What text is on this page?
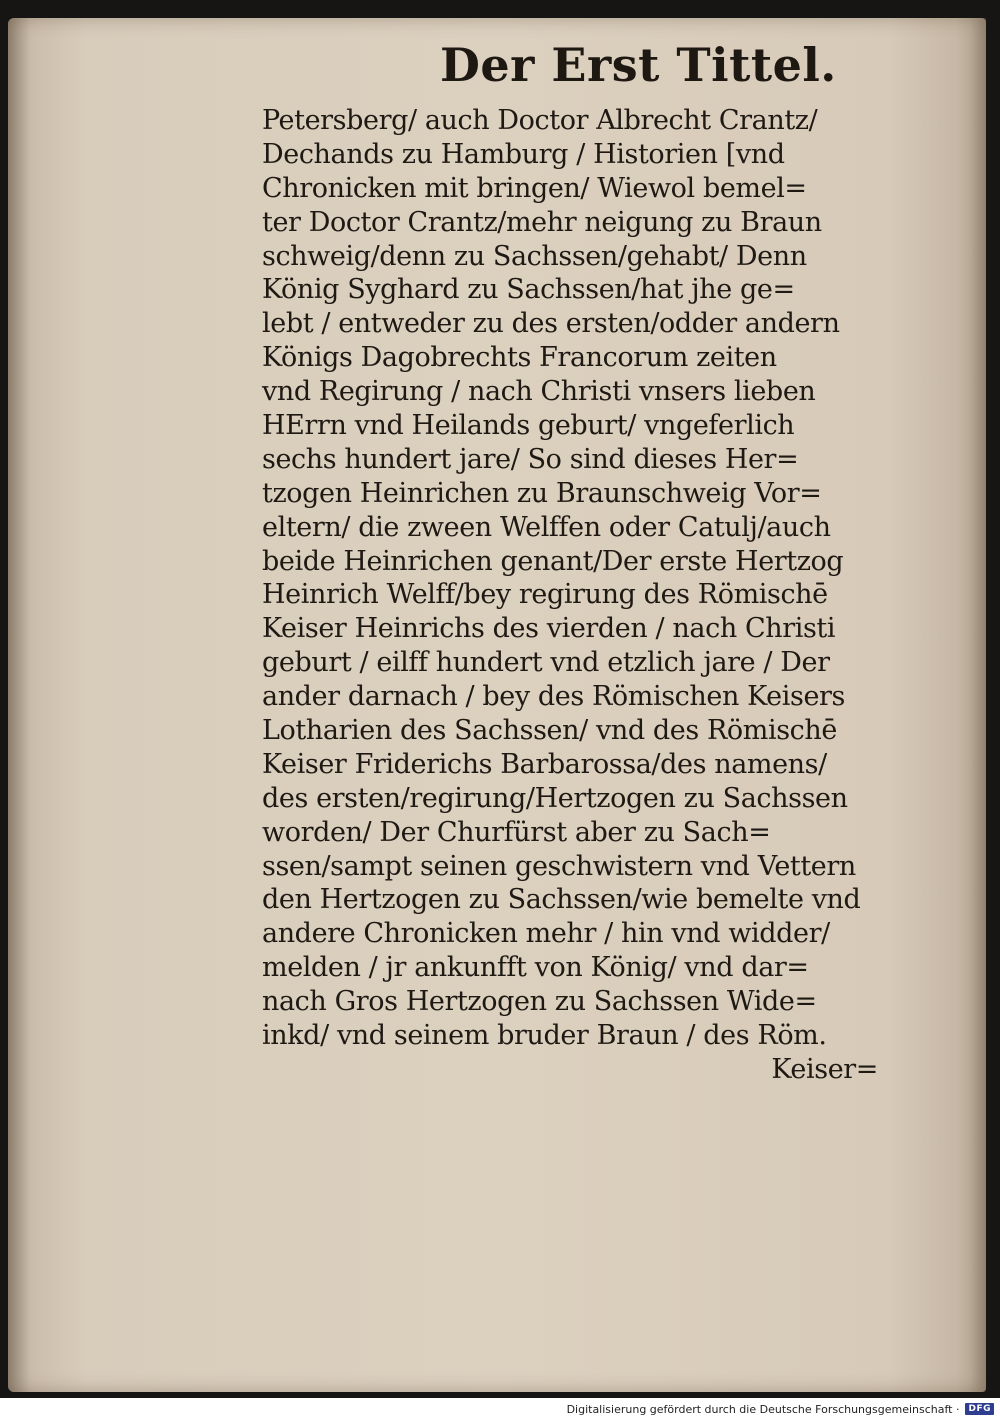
Der Erst Tittel.
Petersberg/ auch Doctor Albrecht Crantz/
Dechands zu Hamburg / Historien [vnd
Chronicken mit bringen/ Wiewol bemel=
ter Doctor Crantz/mehr neigung zu Braun
schweig/denn zu Sachssen/gehabt/ Denn
König Syghard zu Sachssen/hat jhe ge=
lebt / entweder zu des ersten/odder andern
Königs Dagobrechts Francorum zeiten
vnd Regirung / nach Christi vnsers lieben
HErrn vnd Heilands geburt/ vngeferlich
sechs hundert jare/ So sind dieses Her=
tzogen Heinrichen zu Braunschweig Vor=
eltern/ die zween Welffen oder Catulj/auch
beide Heinrichen genant/Der erste Hertzog
Heinrich Welff/bey regirung des Römischē
Keiser Heinrichs des vierden / nach Christi
geburt / eilff hundert vnd etzlich jare / Der
ander darnach / bey des Römischen Keisers
Lotharien des Sachssen/ vnd des Römischē
Keiser Friderichs Barbarossa/des namens/
des ersten/regirung/Hertzogen zu Sachssen
worden/ Der Churfürst aber zu Sach=
ssen/sampt seinen geschwistern vnd Vettern
den Hertzogen zu Sachssen/wie bemelte vnd
andere Chronicken mehr / hin vnd widder/
melden / jr ankunfft von König/ vnd dar=
nach Gros Hertzogen zu Sachssen Wide=
inkd/ vnd seinem bruder Braun / des Röm.
Keiser=
Digitalisierung gefördert durch die Deutsche Forschungsgemeinschaft ·	DFG
